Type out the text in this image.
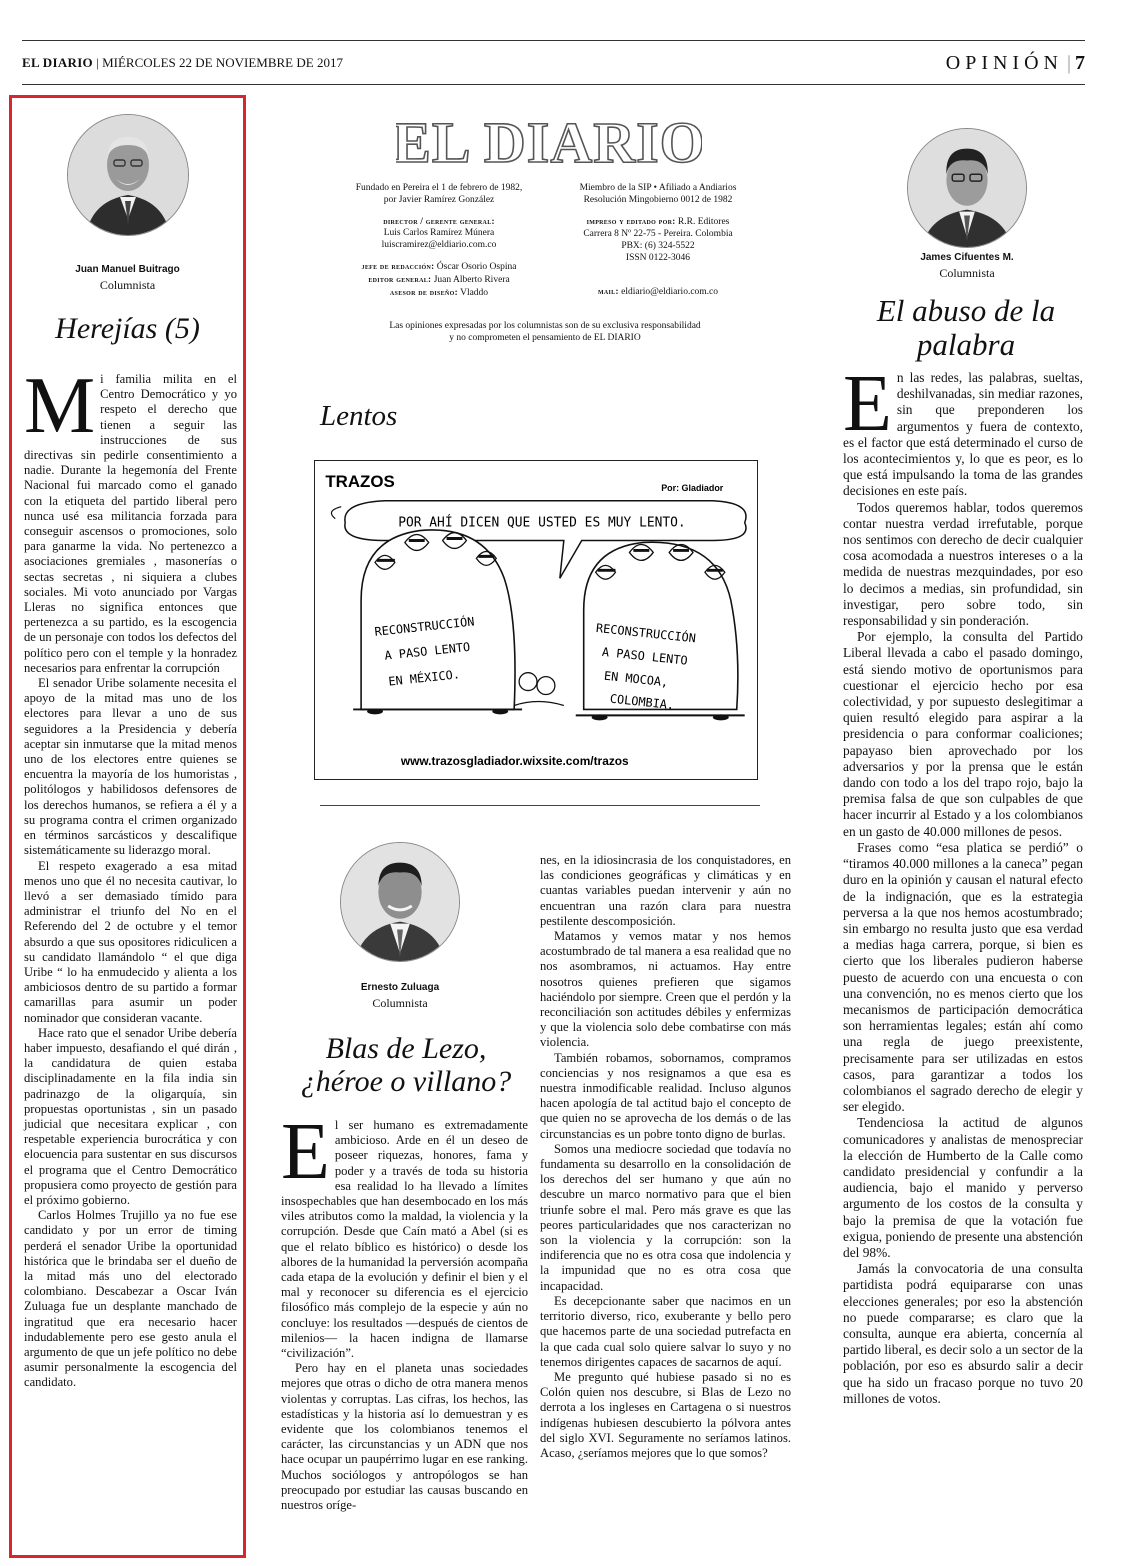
EL DIARIO | MIÉRCOLES 22 DE NOVIEMBRE DE 2017	OPINIÓN | 7
Juan Manuel Buitrago
Columnista
Herejías (5)

Mi familia milita en el Centro Democrático y yo respeto el derecho que tienen a seguir las instrucciones de sus directivas sin pedirle consentimiento a nadie. Durante la hegemonía del Frente Nacional fui marcado como el ganado con la etiqueta del partido liberal pero nunca usé esa militancia forzada para conseguir ascensos o promociones, solo para ganarme la vida. No pertenezco a asociaciones gremiales , masonerías o sectas secretas , ni siquiera a clubes sociales. Mi voto anunciado por Vargas Lleras no significa entonces que pertenezca a su partido, es la escogencia de un personaje con todos los defectos del político pero con el temple y la honradez necesarios para enfrentar la corrupción

El senador Uribe solamente necesita el apoyo de la mitad mas uno de los electores para llevar a uno de sus seguidores a la Presidencia y debería aceptar sin inmutarse que la mitad menos uno de los electores entre quienes se encuentra la mayoría de los humoristas , politólogos y habilidosos defensores de los derechos humanos, se refiera a él y a su programa contra el crimen organizado en términos sarcásticos y descalifique sistemáticamente su liderazgo moral.

El respeto exagerado a esa mitad menos uno que él no necesita cautivar, lo llevó a ser demasiado tímido para administrar el triunfo del No en el Referendo del 2 de octubre y el temor absurdo a que sus opositores ridiculicen a su candidato llamándolo “ el que diga Uribe “ lo ha enmudecido y alienta a los ambiciosos dentro de su partido a formar camarillas para asumir un poder nominador que consideran vacante.

Hace rato que el senador Uribe debería haber impuesto, desafiando el qué dirán , la candidatura de quien estaba disciplinadamente en la fila india sin padrinazgo de la oligarquía, sin propuestas oportunistas , sin un pasado judicial que necesitara explicar , con respetable experiencia burocrática y con elocuencia para sustentar en sus discursos el programa que el Centro Democrático propusiera como proyecto de gestión para el próximo gobierno.

Carlos Holmes Trujillo ya no fue ese candidato y por un error de timing perderá el senador Uribe la oportunidad histórica que le brindaba ser el dueño de la mitad más uno del electorado colombiano. Descabezar a Oscar Iván Zuluaga fue un desplante manchado de ingratitud que era necesario hacer indudablemente pero ese gesto anula el argumento de que un jefe político no debe asumir personalmente la escogencia del candidato.

EL DIARIO
Fundado en Pereira el 1 de febrero de 1982,
por Javier Ramírez González
director / gerente general:
Luis Carlos Ramírez Múnera
luiscramirez@eldiario.com.co
jefe de redacción: Óscar Osorio Ospina
editor general: Juan Alberto Rivera
asesor de diseño: Vladdo
Miembro de la SIP • Afiliado a Andiarios
Resolución Mingobierno 0012 de 1982
impreso y editado por: R.R. Editores
Carrera 8 Nº 22-75 - Pereira. Colombia
PBX: (6) 324-5522
ISSN 0122-3046
mail: eldiario@eldiario.com.co
Las opiniones expresadas por los columnistas son de su exclusiva responsabilidad
y no comprometen el pensamiento de EL DIARIO
Lentos
TRAZOS	Por: Gladiador
POR AHÍ DICEN QUE USTED ES MUY LENTO.
RECONSTRUCCIÓN
A PASO LENTO
EN MÉXICO.
RECONSTRUCCIÓN
A PASO LENTO
EN MOCOA,
COLOMBIA.
www.trazosgladiador.wixsite.com/trazos
Ernesto Zuluaga
Columnista
Blas de Lezo,
¿héroe o villano?

El ser humano es extremadamente ambicioso. Arde en él un deseo de poseer riquezas, honores, fama y poder y a través de toda su historia esa realidad lo ha llevado a límites insospechables que han desembocado en los más viles atributos como la maldad, la violencia y la corrupción. Desde que Caín mató a Abel (si es que el relato bíblico es histórico) o desde los albores de la humanidad la perversión acompaña cada etapa de la evolución y definir el bien y el mal y reconocer su diferencia es el ejercicio filosófico más complejo de la especie y aún no concluye: los resultados —después de cientos de milenios— la hacen indigna de llamarse “civilización”.

Pero hay en el planeta unas sociedades mejores que otras o dicho de otra manera menos violentas y corruptas. Las cifras, los hechos, las estadísticas y la historia así lo demuestran y es evidente que los colombianos tenemos el carácter, las circunstancias y un ADN que nos hace ocupar un paupérrimo lugar en ese ranking. Muchos sociólogos y antropólogos se han preocupado por estudiar las causas buscando en nuestros oríge-

nes, en la idiosincrasia de los conquistadores, en las condiciones geográficas y climáticas y en cuantas variables puedan intervenir y aún no encuentran una razón clara para nuestra pestilente descomposición.

Matamos y vemos matar y nos hemos acostumbrado de tal manera a esa realidad que no nos asombramos, ni actuamos. Hay entre nosotros quienes prefieren que sigamos haciéndolo por siempre. Creen que el perdón y la reconciliación son actitudes débiles y enfermizas y que la violencia solo debe combatirse con más violencia.

También robamos, sobornamos, compramos conciencias y nos resignamos a que esa es nuestra inmodificable realidad. Incluso algunos hacen apología de tal actitud bajo el concepto de que quien no se aprovecha de los demás o de las circunstancias es un pobre tonto digno de burlas.

Somos una mediocre sociedad que todavía no fundamenta su desarrollo en la consolidación de los derechos del ser humano y que aún no descubre un marco normativo para que el bien triunfe sobre el mal. Pero más grave es que las peores particularidades que nos caracterizan no son la violencia y la corrupción: son la indiferencia que no es otra cosa que indolencia y la impunidad que no es otra cosa que incapacidad.

Es decepcionante saber que nacimos en un territorio diverso, rico, exuberante y bello pero que hacemos parte de una sociedad putrefacta en la que cada cual solo quiere salvar lo suyo y no tenemos dirigentes capaces de sacarnos de aquí.

Me pregunto qué hubiese pasado si no es Colón quien nos descubre, si Blas de Lezo no derrota a los ingleses en Cartagena o si nuestros indígenas hubiesen descubierto la pólvora antes del siglo XVI. Seguramente no seríamos latinos. Acaso, ¿seríamos mejores que lo que somos?

James Cifuentes M.
Columnista
El abuso de la
palabra

En las redes, las palabras, sueltas, deshilvanadas, sin mediar razones, sin que preponderen los argumentos y fuera de contexto, es el factor que está determinado el curso de los acontecimientos y, lo que es peor, es lo que está impulsando la toma de las grandes decisiones en este país.

Todos queremos hablar, todos queremos contar nuestra verdad irrefutable, porque nos sentimos con derecho de decir cualquier cosa acomodada a nuestros intereses o a la medida de nuestras mezquindades, por eso lo decimos a medias, sin profundidad, sin investigar, pero sobre todo, sin responsabilidad y sin ponderación.

Por ejemplo, la consulta del Partido Liberal llevada a cabo el pasado domingo, está siendo motivo de oportunismos para cuestionar el ejercicio hecho por esa colectividad, y por supuesto deslegitimar a quien resultó elegido para aspirar a la presidencia o para conformar coaliciones; papayaso bien aprovechado por los adversarios y por la prensa que le están dando con todo a los del trapo rojo, bajo la premisa falsa de que son culpables de que hacer incurrir al Estado y a los colombianos en un gasto de 40.000 millones de pesos.

Frases como “esa platica se perdió” o “tiramos 40.000 millones a la caneca” pegan duro en la opinión y causan el natural efecto de la indignación, que es la estrategia perversa a la que nos hemos acostumbrado; sin embargo no resulta justo que esa verdad a medias haga carrera, porque, si bien es cierto que los liberales pudieron haberse puesto de acuerdo con una encuesta o con una convención, no es menos cierto que los mecanismos de participación democrática son herramientas legales; están ahí como una regla de juego preexistente, precisamente para ser utilizadas en estos casos, para garantizar a todos los colombianos el sagrado derecho de elegir y ser elegido.

Tendenciosa la actitud de algunos comunicadores y analistas de menospreciar la elección de Humberto de la Calle como candidato presidencial y confundir a la audiencia, bajo el manido y perverso argumento de los costos de la consulta y bajo la premisa de que la votación fue exigua, poniendo de presente una abstención del 98%.

Jamás la convocatoria de una consulta partidista podrá equipararse con unas elecciones generales; por eso la abstención no puede compararse; es claro que la consulta, aunque era abierta, concernía al partido liberal, es decir solo a un sector de la población, por eso es absurdo salir a decir que ha sido un fracaso porque no tuvo 20 millones de votos.
